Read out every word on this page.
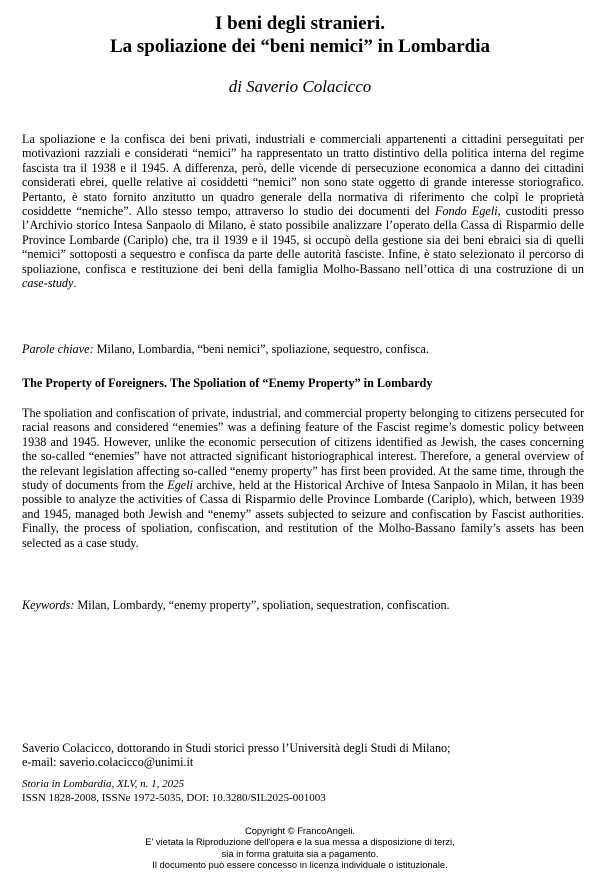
I beni degli stranieri.
La spoliazione dei “beni nemici” in Lombardia
di Saverio Colacicco

La spoliazione e la confisca dei beni privati, industriali e commerciali appartenenti a cittadini perseguitati per motivazioni razziali e considerati “nemici” ha rappresentato un tratto distintivo della politica interna del regime fascista tra il 1938 e il 1945. A differenza, però, delle vicende di persecuzione economica a danno dei cittadini considerati ebrei, quelle relative ai cosiddetti “nemici” non sono state oggetto di grande interesse storiografico. Pertanto, è stato fornito anzitutto un quadro generale della normativa di riferimento che colpì le proprietà cosiddette “nemiche”. Allo stesso tempo, attraverso lo studio dei documenti del Fondo Egeli, custoditi presso l’Archivio storico Intesa Sanpaolo di Milano, è stato possibile analizzare l’operato della Cassa di Risparmio delle Province Lombarde (Cariplo) che, tra il 1939 e il 1945, si occupò della gestione sia dei beni ebraici sia di quelli “nemici” sottoposti a sequestro e confisca da parte delle autorità fasciste. Infine, è stato selezionato il percorso di spoliazione, confisca e restituzione dei beni della famiglia Molho-Bassano nell’ottica di una costruzione di un case-study.

Parole chiave: Milano, Lombardia, “beni nemici”, spoliazione, sequestro, confisca.

The Property of Foreigners. The Spoliation of “Enemy Property” in Lombardy

The spoliation and confiscation of private, industrial, and commercial property belonging to citizens persecuted for racial reasons and considered “enemies” was a defining feature of the Fascist regime’s domestic policy between 1938 and 1945. However, unlike the economic persecution of citizens identified as Jewish, the cases concerning the so-called “enemies” have not attracted significant historiographical interest. Therefore, a general overview of the relevant legislation affecting so-called “enemy property” has first been provided. At the same time, through the study of documents from the Egeli archive, held at the Historical Archive of Intesa Sanpaolo in Milan, it has been possible to analyze the activities of Cassa di Risparmio delle Province Lombarde (Cariplo), which, between 1939 and 1945, managed both Jewish and “enemy” assets subjected to seizure and confiscation by Fascist authorities. Finally, the process of spoliation, confiscation, and restitution of the Molho-Bassano family’s assets has been selected as a case study.

Keywords: Milan, Lombardy, “enemy property”, spoliation, sequestration, confiscation.

Saverio Colacicco, dottorando in Studi storici presso l’Università degli Studi di Milano;
e-mail: saverio.colacicco@unimi.it

Storia in Lombardia, XLV, n. 1, 2025
ISSN 1828-2008, ISSNe 1972-5035, DOI: 10.3280/SIL2025-001003

Copyright © FrancoAngeli.
E' vietata la Riproduzione dell'opera e la sua messa a disposizione di terzi,
sia in forma gratuita sia a pagamento.
Il documento può essere concesso in licenza individuale o istituzionale.
